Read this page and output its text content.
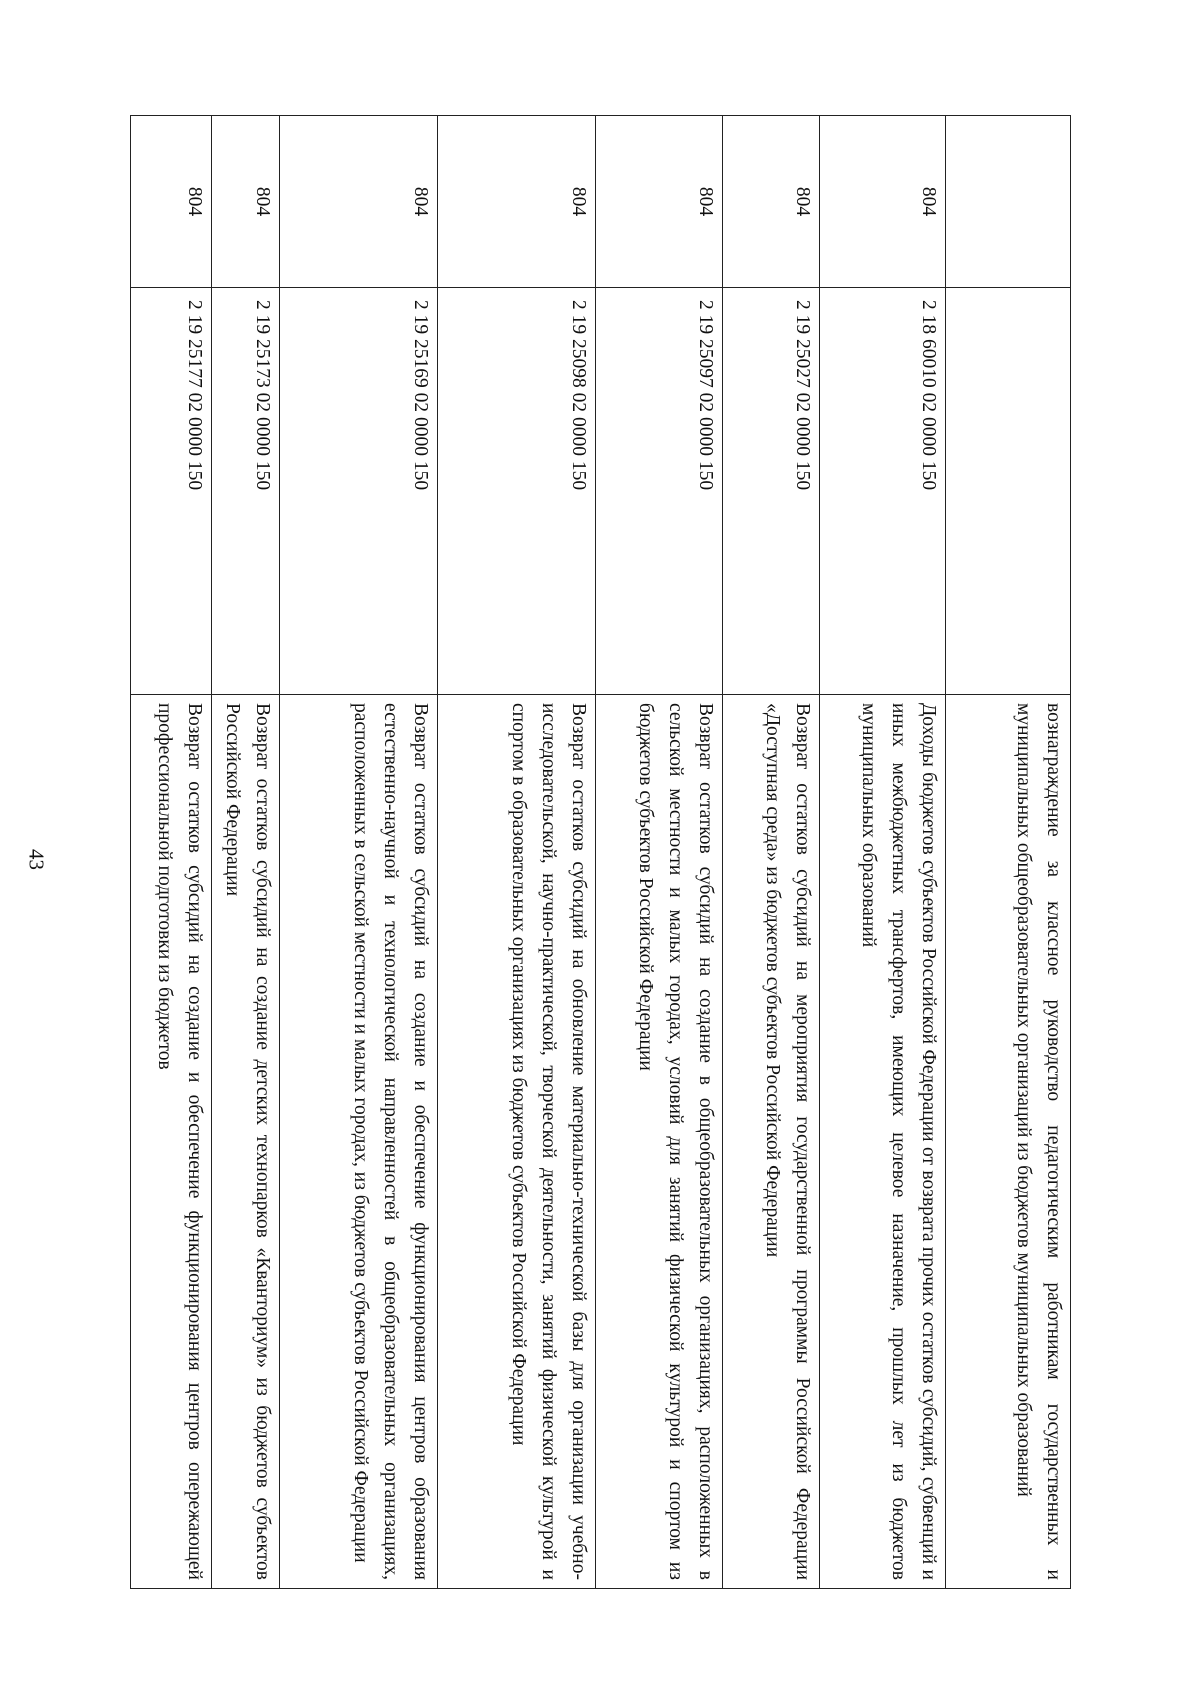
43

		вознаграждение за классное руководство педагогическим работникам государственных и муниципальных общеобразовательных организаций из бюджетов муниципальных образований

804	2 18 60010 02 0000 150	Доходы бюджетов субъектов Российской Федерации от возврата прочих остатков субсидий, субвенций и иных межбюджетных трансфертов, имеющих целевое назначение, прошлых лет из бюджетов муниципальных образований

804	2 19 25027 02 0000 150	Возврат остатков субсидий на мероприятия государственной программы Российской Федерации «Доступная среда» из бюджетов субъектов Российской Федерации

804	2 19 25097 02 0000 150	Возврат остатков субсидий на создание в общеобразовательных организациях, расположенных в сельской местности и малых городах, условий для занятий физической культурой и спортом из бюджетов субъектов Российской Федерации

804	2 19 25098 02 0000 150	Возврат остатков субсидий на обновление материально-технической базы для организации учебно-исследовательской, научно-практической, творческой деятельности, занятий физической культурой и спортом в образовательных организациях из бюджетов субъектов Российской Федерации

804	2 19 25169 02 0000 150	Возврат остатков субсидий на создание и обеспечение функционирования центров образования естественно-научной и технологической направленностей в общеобразовательных организациях, расположенных в сельской местности и малых городах, из бюджетов субъектов Российской Федерации

804	2 19 25173 02 0000 150	Возврат остатков субсидий на создание детских технопарков «Кванториум» из бюджетов субъектов Российской Федерации

804	2 19 25177 02 0000 150	Возврат остатков субсидий на создание и обеспечение функционирования центров опережающей профессиональной подготовки из бюджетов
